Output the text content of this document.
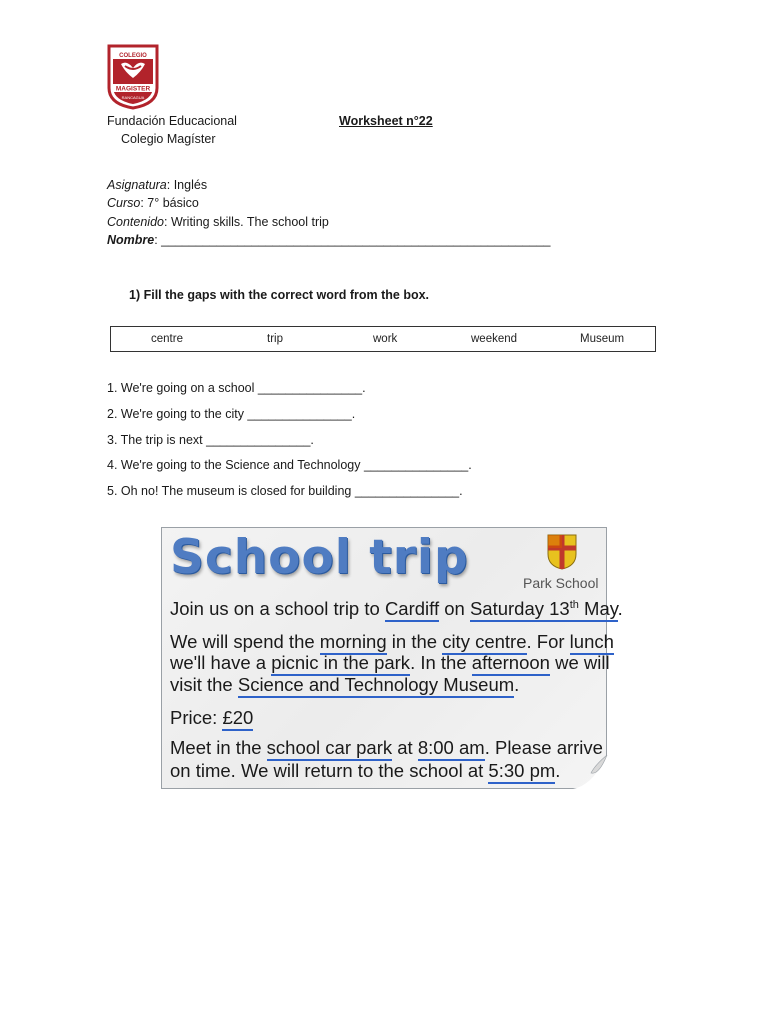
COLEGIO
MAGISTER
RANCAGUA
Fundación Educacional
Colegio Magíster
Worksheet n°22
Asignatura: Inglés
Curso: 7° básico
Contenido: Writing skills. The school trip
Nombre: ________________________________________________________
1) Fill the gaps with the correct word from the box.
centre	trip	work	weekend	Museum
1. We're going on a school _______________.
2. We're going to the city _______________.
3. The trip is next _______________.
4. We're going to the Science and Technology _______________.
5. Oh no! The museum is closed for building _______________.
School trip	Park School
Join us on a school trip to Cardiff on Saturday 13th May.
We will spend the morning in the city centre. For lunch
we'll have a picnic in the park. In the afternoon we will
visit the Science and Technology Museum.
Price: £20
Meet in the school car park at 8:00 am. Please arrive
on time. We will return to the school at 5:30 pm.
